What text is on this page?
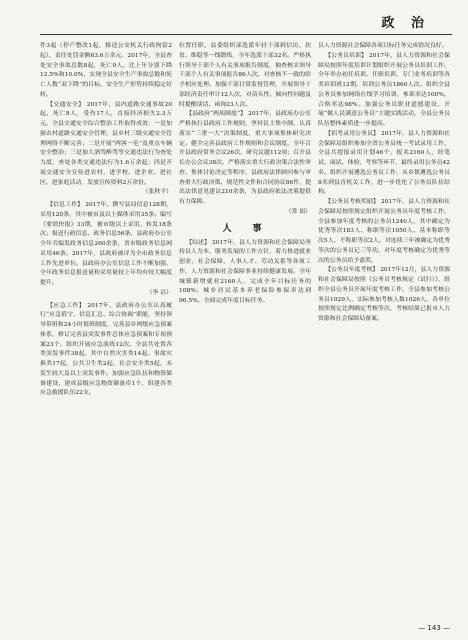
政 治

件3起（停产整改1起，移送公安机关行政拘留2起），责任处罚金额63.6万余元。2017年，全县查处安全事故总数8起，死亡9人，比上年分别下降12.5%和10.0%，实现全县安全生产事故总数和死亡人数“双下降”的目标，安全生产形势持续稳定好转。

【交通安全】 2017年，县内道路交通事故20起，死亡8人，受伤17人，直接经济损失2.3万元。全县交通安全综合整治工作取得成效：一是加强农村道路交通安全管理，县乡村三级交通安全管理网络不断完善；二是开展“两客一危”及重点车辆安全整治；三是加大酒驾醉驾等交通违法行为查处力度，查处各类交通违法行为1.6万余起；四是开展交通安全宣传进农村、进学校、进企业、进社区、进家庭活动，发放宣传资料2万余份。

（张秋平）

【信息工作】 2017年，撰写县局信息128期，采用120条，其中被市及以上媒体采用35条；编写《要情快报》33期，被市级以上采用、转发18条次；报送行政信息、政务信息56条，县政府办公室全年共编发政务信息260余条，省市级政务信息网采用46条。2017年，县政府被评为全市政务信息工作先进单位。县政府办公室信息工作不断加强，全年政务信息报送量和采用量较上年均有较大幅度提升。

（李 洁）

【应急工作】 2017年，县政府办公室认真履行“应急值守、信息汇总、综合协调”职能，坚持领导带班和24小时值班制度，完善县乡两级应急预案体系，修订完善县突发事件总体应急预案和专项预案23个，组织开展应急演练12次。全县共处置各类突发事件38起，其中自然灾害类14起、事故灾难类17起、公共卫生类2起、社会安全类5起，未发生较大及以上突发事件。加强应急队伍和物资储备建设，建成县级应急物资储备库1个，组建各类应急救援队伍22支。

位置任职，县委组织部选派年轻干部到信访、扶贫、维稳等一线锻炼，全年选派干部32名。严格执行领导干部个人有关事项报告制度，抽查核实领导干部个人有关事项报告86人次，对查核不一致的给予相应处理。加强干部日常监督管理，开展领导干部经济责任审计12人次，对苗头性、倾向性问题及时提醒谈话、函询23人次。

【县政府“两项制度”】 2017年，县政府办公室严格执行县政府工作规则，坚持民主集中制，认真落实“三重一大”决策制度，重大事项集体研究决定。健全完善县政府工作规则和会议制度，全年召开县政府常务会议26次，研究议题112项；召开县长办公会议38次。严格落实重大行政决策合法性审查、集体讨论决定等程序，县政府法律顾问参与审查重大行政决策、规范性文件和合同协议86件，提出法律意见建议210余条，为县政府依法决策提供有力保障。

（常 娟）

人　事

【综述】 2017年，县人力资源和社会保障局坚持以人为本、服务发展的工作方针，着力推进就业创业、社会保障、人事人才、劳动关系等各项工作，人力资源和社会保障事业持续健康发展。全年城镇新增就业2160人，完成全年目标任务的108%；城乡居民基本养老保险参保率达到96.5%，全面完成年度目标任务。

员人力资源社会保障各项目标任务完成情况良好。

【公务员培训】 2017年，县人力资源和社会保障局按照年度培训计划组织开展公务员培训工作，全年举办初任培训、任职培训、专门业务培训等各类培训班12期，培训公务员1860人次。组织全县公务员参加网络在线学习培训，参训率达100%，合格率达98%。加强公务员职业道德建设，开展“做人民满意公务员”主题实践活动，全县公务员队伍整体素质进一步提高。

【招考录用公务员】 2017年，县人力资源和社会保障局组织参加全省公务员统一考试录用工作，全县共提报录用计划46个，报名2160人，经笔试、面试、体检、考察等环节，最终录用公务员42名。组织开展遴选公务员工作，从乡镇遴选公务员8名到县直机关工作，进一步优化了公务员队伍结构。

【公务员考核奖励】 2017年，县人力资源和社会保障局按照规定组织开展公务员年度考核工作，全县参加年度考核的公务员1240人，其中确定为优秀等次183人、称职等次1050人、基本称职等次5人、不称职等次2人。对连续三年被确定为优秀等次的公务员记三等功，对年度考核确定为优秀等次的公务员给予嘉奖。

【公务员年度考核】 2017年12月，县人力资源和社会保障局按照《公务员考核规定（试行）》，组织全县公务员开展年度考核工作，全县参加考核公务员1029人，实际参加考核人数1026人，各单位按照规定比例确定考核等次，考核结果已报市人力资源和社会保障局备案。

— 143 —
